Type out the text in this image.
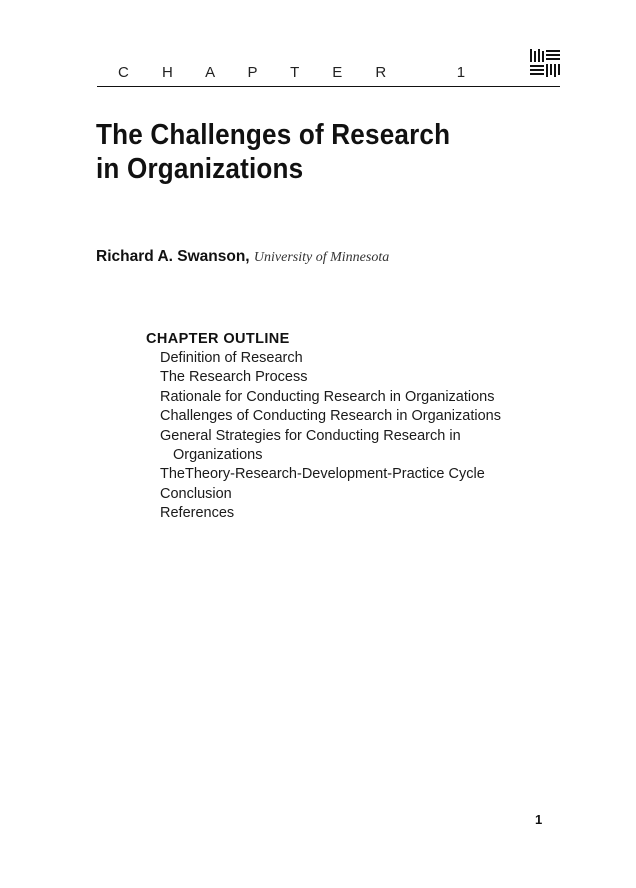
C H A P T E R   1
The Challenges of Research
in Organizations
Richard A. Swanson, University of Minnesota
CHAPTER OUTLINE
Definition of Research
The Research Process
Rationale for Conducting Research in Organizations
Challenges of Conducting Research in Organizations
General Strategies for Conducting Research in
Organizations
TheTheory-Research-Development-Practice Cycle
Conclusion
References
1
